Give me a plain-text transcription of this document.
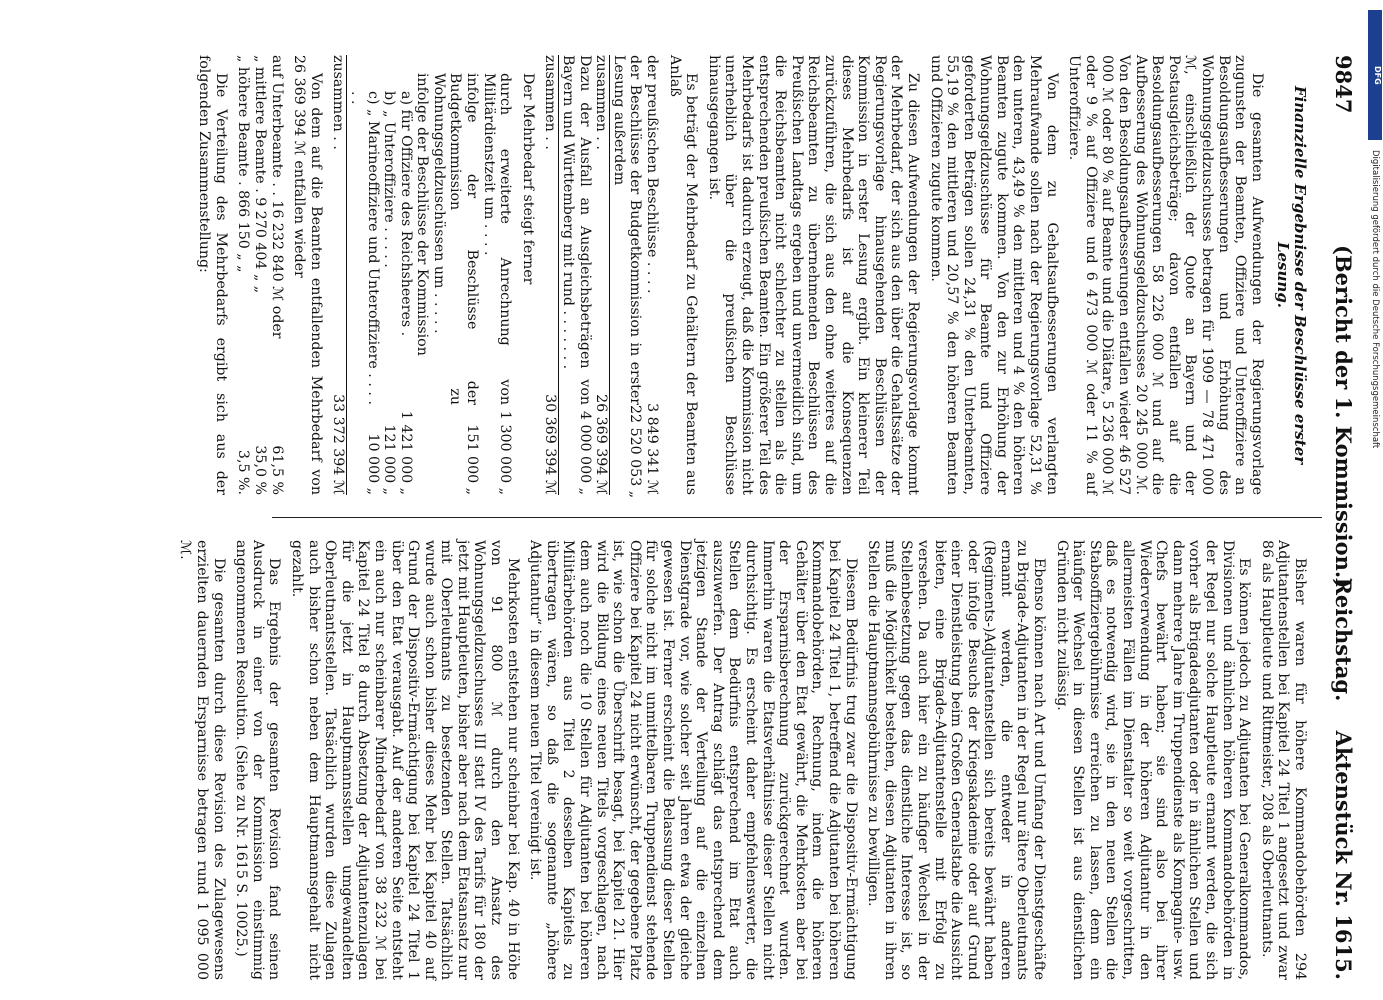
DFG
Digitalisierung gefördert durch die Deutsche Forschungsgemeinschaft
9847
(Bericht der 1. Kommission.)
Reichstag.    Aktenstück Nr. 1615.
Finanzielle Ergebnisse der Beschlüsse erster Lesung.

Die gesamten Aufwendungen der Regierungsvorlage zugunsten der Beamten, Offiziere und Unteroffiziere an Besoldungsaufbesserungen und Erhöhung des Wohnungsgeldzuschusses betragen für 1909 — 78 471 000 ℳ, einschließlich der Quote an Bayern und der Postausgleichsbeträge; davon entfallen auf die Besoldungsaufbesserungen 58 226 000 ℳ und auf die Aufbesserung des Wohnungsgeldzuschusses 20 245 000 ℳ. Von den Besoldungsaufbesserungen entfallen wieder 46 527 000 ℳ oder 80 % auf Beamte und die Diätare, 5 236 000 ℳ oder 9 % auf Offiziere und 6 473 000 ℳ oder 11 % auf Unteroffiziere.

Von dem zu Gehaltsaufbesserungen verlangten Mehraufwande sollen nach der Regierungsvorlage 52,31 % den unteren, 43,49 % den mittleren und 4 % den höheren Beamten zugute kommen. Von den zur Erhöhung der Wohnungsgeldzuschüsse für Beamte und Offiziere geforderten Beträgen sollen 24,31 % den Unterbeamten, 55,19 % den mittleren und 20,57 % den höheren Beamten und Offizieren zugute kommen.

Zu diesen Aufwendungen der Regierungsvorlage kommt der Mehrbedarf, der sich aus den über die Gehaltssätze der Regierungsvorlage hinausgehenden Beschlüssen der Kommission in erster Lesung ergibt. Ein kleinerer Teil dieses Mehrbedarfs ist auf die Konsequenzen zurückzuführen, die sich aus den ohne weiteres auf die Reichsbeamten zu übernehmenden Beschlüssen des Preußischen Landtags ergeben und unvermeidlich sind, um die Reichsbeamten nicht schlechter zu stellen als die entsprechenden preußischen Beamten. Ein größerer Teil des Mehrbedarfs ist dadurch erzeugt, daß die Kommission nicht unerheblich über die preußischen Beschlüsse hinausgegangen ist.

Es beträgt der Mehrbedarf zu Gehältern der Beamten aus Anlaß

der preußischen Beschlüsse . . . .
3 849 341 ℳ
der Beschlüsse der Budgetkommission in erster Lesung außerdem
22 520 053 „
zusammen . .
26 369 394 ℳ
Dazu der Ausfall an Ausgleichsbeträgen von Bayern und Württemberg mit rund . . . . . . .
4 000 000 „
zusammen . .
30 369 394 ℳ

Der Mehrbedarf steigt ferner

durch erweiterte Anrechnung von Militärdienstzeit um . . . .
1 300 000 „
infolge der Beschlüsse der Budgetkommission zu Wohnungsgeldzuschüssen um . . . . .
151 000 „
infolge der Beschlüsse der Kommission
a) für Offiziere des Reichsheeres .
1 421 000 „
b) „ Unteroffiziere . . . . .
121 000 „
c) „ Marineoffiziere und Unteroffiziere . . . . . .
10 000 „
zusammen . .
33 372 394 ℳ

Von dem auf die Beamten entfallenden Mehrbedarf von 26 369 394 ℳ entfallen wieder

auf Unterbeamte . . 16 232 840 ℳ oder
61,5 %
„ mittlere Beamte . 9 270 404 „ „
35,0 %
„ höhere Beamte . 866 150 „ „
3,5 %.

Die Verteilung des Mehrbedarfs ergibt sich aus der folgenden Zusammenstellung:

Bisher waren für höhere Kommandobehörden 294 Adjutantenstellen bei Kapitel 24 Titel 1 angesetzt und zwar 86 als Hauptleute und Rittmeister, 208 als Oberleutnants.

Es können jedoch zu Adjutanten bei Generalkommandos, Divisionen und ähnlichen höheren Kommandobehörden in der Regel nur solche Hauptleute ernannt werden, die sich vorher als Brigadeadjutanten oder in ähnlichen Stellen und dann mehrere Jahre im Truppendienste als Kompagnie- usw. Chefs bewährt haben; sie sind also bei ihrer Wiederverwendung in der höheren Adjutantur in den allermeisten Fällen im Dienstalter so weit vorgeschritten, daß es notwendig wird, sie in den neuen Stellen die Stabsoffiziergebührnisse erreichen zu lassen, denn ein häufiger Wechsel in diesen Stellen ist aus dienstlichen Gründen nicht zulässig.

Ebenso können nach Art und Umfang der Dienstgeschäfte zu Brigade-Adjutanten in der Regel nur ältere Oberleutnants ernannt werden, die entweder in anderen (Regiments-)Adjutantenstellen sich bereits bewährt haben oder infolge Besuchs der Kriegsakademie oder auf Grund einer Dienstleistung beim Großen Generalstabe die Aussicht bieten, eine Brigade-Adjutantenstelle mit Erfolg zu versehen. Da auch hier ein zu häufiger Wechsel in der Stellenbesetzung gegen das dienstliche Interesse ist, so muß die Möglichkeit bestehen, diesen Adjutanten in ihren Stellen die Hauptmannsgebührnisse zu bewilligen.

Diesem Bedürfnis trug zwar die Dispositiv-Ermächtigung bei Kapitel 24 Titel 1, betreffend die Adjutanten bei höheren Kommandobehörden, Rechnung, indem die höheren Gehälter über den Etat gewährt, die Mehrkosten aber bei der Ersparnisberechnung zurückgerechnet wurden. Immerhin waren die Etatsverhältnisse dieser Stellen nicht durchsichtig. Es erscheint daher empfehlenswerter, die Stellen dem Bedürfnis entsprechend im Etat auch auszuwerfen. Der Antrag schlägt das entsprechend dem jetzigen Stande der Verteilung auf die einzelnen Dienstgrade vor, wie solcher seit Jahren etwa der gleiche gewesen ist. Ferner erscheint die Belassung dieser Stellen für solche nicht im unmittelbaren Truppendienst stehende Offiziere bei Kapitel 24 nicht erwünscht, der gegebene Platz ist, wie schon die Überschrift besagt, bei Kapitel 21. Hier wird die Bildung eines neuen Titels vorgeschlagen, nach dem auch noch die 10 Stellen für Adjutanten bei höheren Militärbehörden aus Titel 2 desselben Kapitels zu übertragen wären, so daß die sogenannte „höhere Adjutantur“ in diesem neuen Titel vereinigt ist.

Mehrkosten entstehen nur scheinbar bei Kap. 40 in Höhe von 91 800 ℳ durch den Ansatz des Wohnungsgeldzuschusses III statt IV des Tarifs für 180 der jetzt mit Hauptleuten, bisher aber nach dem Etatsansatz nur mit Oberleutnants zu besetzenden Stellen. Tatsächlich wurde auch schon bisher dieses Mehr bei Kapitel 40 auf Grund der Dispositiv-Ermächtigung bei Kapitel 24 Titel 1 über den Etat verausgabt. Auf der anderen Seite entsteht ein auch nur scheinbarer Minderbedarf von 38 232 ℳ bei Kapitel 24 Titel 8 durch Absetzung der Adjutantenzulagen für die jetzt in Hauptmannsstellen umgewandelten Oberleutnantsstellen. Tatsächlich wurden diese Zulagen auch bisher schon neben dem Hauptmannsgehalt nicht gezahlt.

Das Ergebnis der gesamten Revision fand seinen Ausdruck in einer von der Kommission einstimmig angenommenen Resolution. (Siehe zu Nr. 1615 S. 10025.)

Die gesamten durch diese Revision des Zulagewesens erzielten dauernden Ersparnisse betragen rund 1 095 000 ℳ.
